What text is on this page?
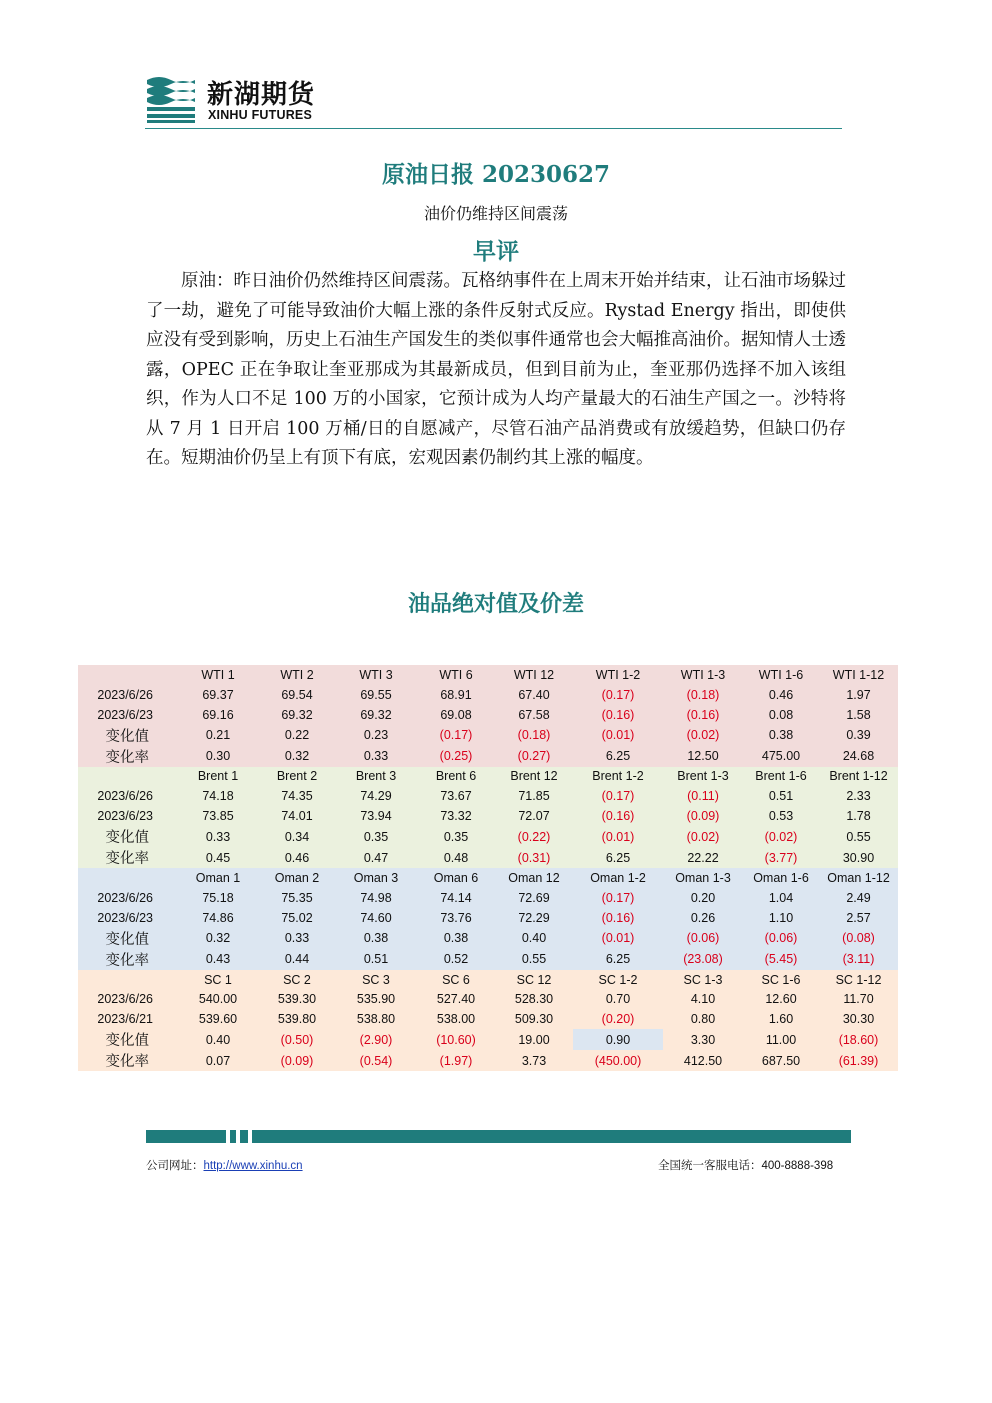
新湖期货
XINHU FUTURES
原油日报 20230627
油价仍维持区间震荡
早评

原油：昨日油价仍然维持区间震荡。瓦格纳事件在上周末开始并结束，让石油市场躲过了一劫，避免了可能导致油价大幅上涨的条件反射式反应。Rystad Energy 指出，即使供应没有受到影响，历史上石油生产国发生的类似事件通常也会大幅推高油价。据知情人士透露，OPEC 正在争取让奎亚那成为其最新成员，但到目前为止，奎亚那仍选择不加入该组织，作为人口不足 100 万的小国家，它预计成为人均产量最大的石油生产国之一。沙特将从 7 月 1 日开启 100 万桶/日的自愿减产，尽管石油产品消费或有放缓趋势，但缺口仍存在。短期油价仍呈上有顶下有底，宏观因素仍制约其上涨的幅度。

油品绝对值及价差
	WTI 1	WTI 2	WTI 3	WTI 6	WTI 12	WTI 1-2	WTI 1-3	WTI 1-6	WTI 1-12
2023/6/26	69.37	69.54	69.55	68.91	67.40	(0.17)	(0.18)	0.46	1.97
2023/6/23	69.16	69.32	69.32	69.08	67.58	(0.16)	(0.16)	0.08	1.58
变化值	0.21	0.22	0.23	(0.17)	(0.18)	(0.01)	(0.02)	0.38	0.39
变化率	0.30	0.32	0.33	(0.25)	(0.27)	6.25	12.50	475.00	24.68
	Brent 1	Brent 2	Brent 3	Brent 6	Brent 12	Brent 1-2	Brent 1-3	Brent 1-6	Brent 1-12
2023/6/26	74.18	74.35	74.29	73.67	71.85	(0.17)	(0.11)	0.51	2.33
2023/6/23	73.85	74.01	73.94	73.32	72.07	(0.16)	(0.09)	0.53	1.78
变化值	0.33	0.34	0.35	0.35	(0.22)	(0.01)	(0.02)	(0.02)	0.55
变化率	0.45	0.46	0.47	0.48	(0.31)	6.25	22.22	(3.77)	30.90
	Oman 1	Oman 2	Oman 3	Oman 6	Oman 12	Oman 1-2	Oman 1-3	Oman 1-6	Oman 1-12
2023/6/26	75.18	75.35	74.98	74.14	72.69	(0.17)	0.20	1.04	2.49
2023/6/23	74.86	75.02	74.60	73.76	72.29	(0.16)	0.26	1.10	2.57
变化值	0.32	0.33	0.38	0.38	0.40	(0.01)	(0.06)	(0.06)	(0.08)
变化率	0.43	0.44	0.51	0.52	0.55	6.25	(23.08)	(5.45)	(3.11)
	SC 1	SC 2	SC 3	SC 6	SC 12	SC 1-2	SC 1-3	SC 1-6	SC 1-12
2023/6/26	540.00	539.30	535.90	527.40	528.30	0.70	4.10	12.60	11.70
2023/6/21	539.60	539.80	538.80	538.00	509.30	(0.20)	0.80	1.60	30.30
变化值	0.40	(0.50)	(2.90)	(10.60)	19.00	0.90	3.30	11.00	(18.60)
变化率	0.07	(0.09)	(0.54)	(1.97)	3.73	(450.00)	412.50	687.50	(61.39)
公司网址：http://www.xinhu.cn	全国统一客服电话：400-8888-398
